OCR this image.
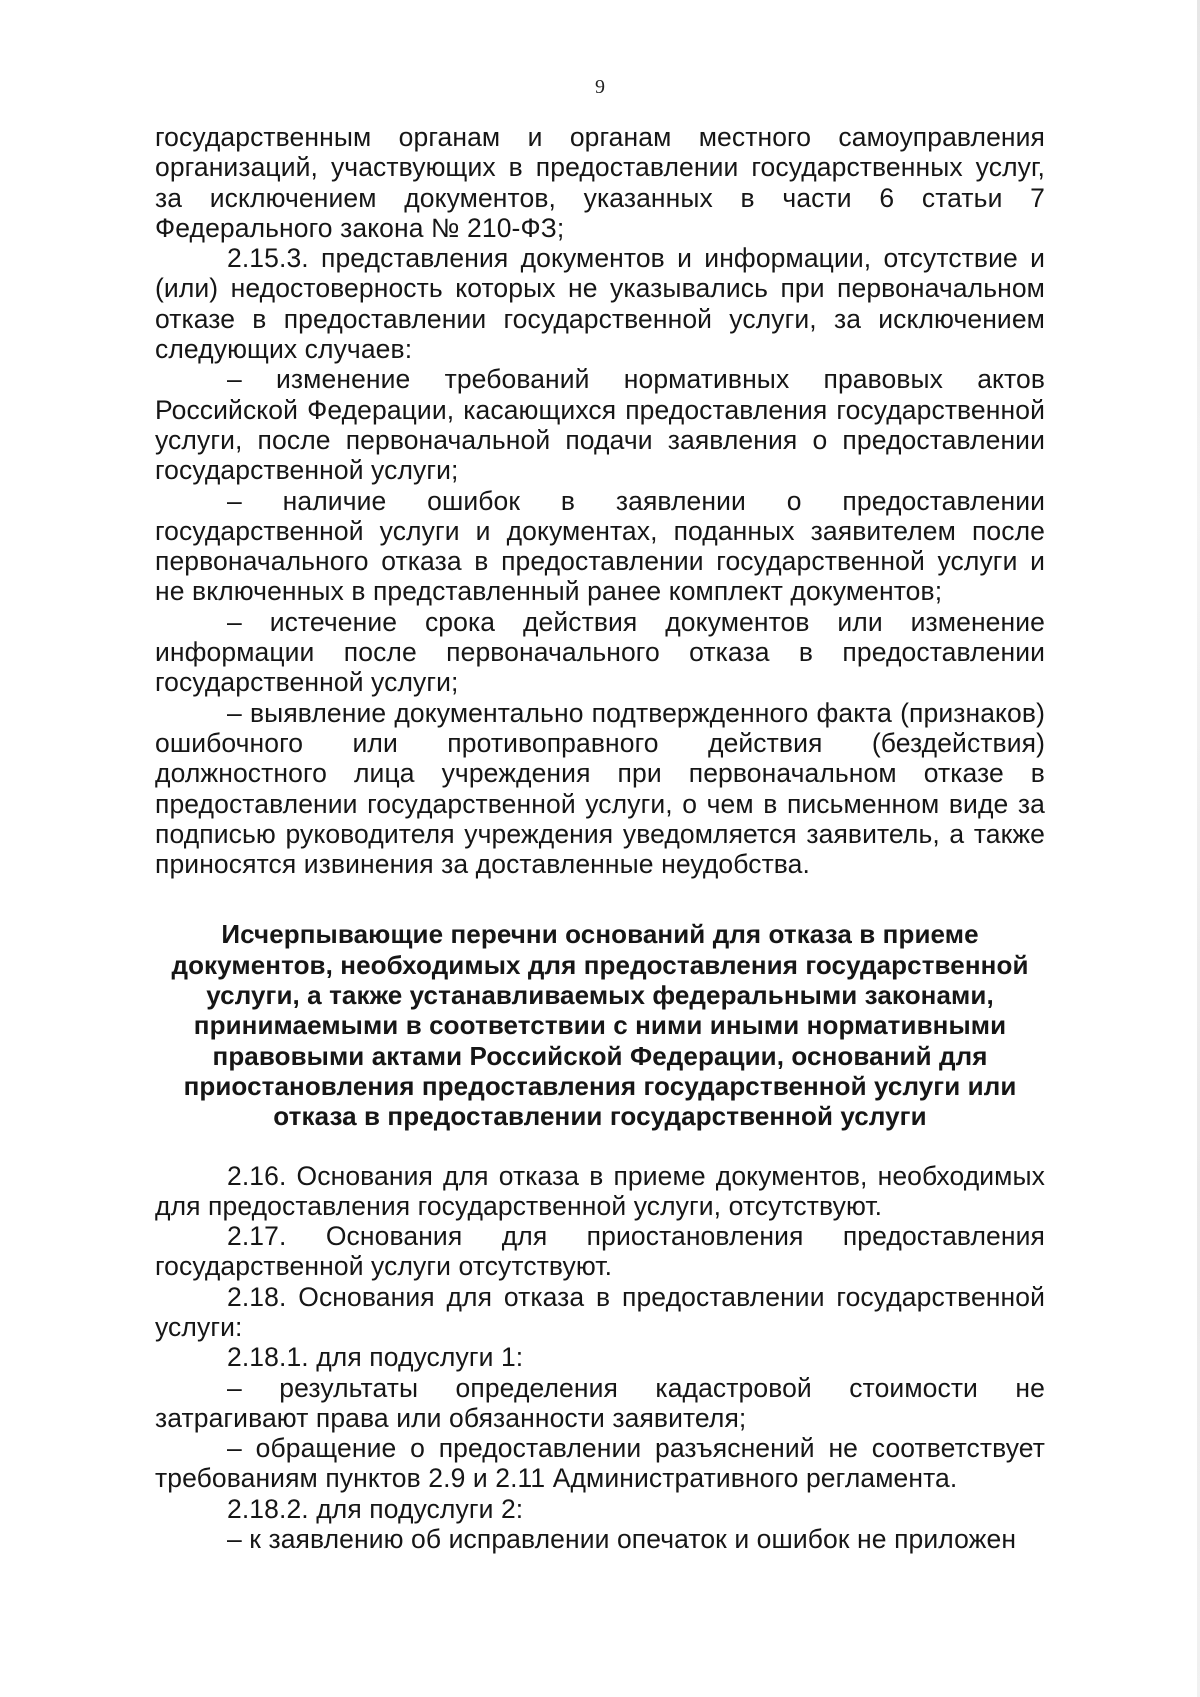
9

государственным органам и органам местного самоуправления организаций, участвующих в предоставлении государственных услуг, за исключением документов, указанных в части 6 статьи 7 Федерального закона № 210-ФЗ;

2.15.3. представления документов и информации, отсутствие и (или) недостоверность которых не указывались при первоначальном отказе в предоставлении государственной услуги, за исключением следующих случаев:

– изменение требований нормативных правовых актов Российской Федерации, касающихся предоставления государственной услуги, после первоначальной подачи заявления о предоставлении государственной услуги;

– наличие ошибок в заявлении о предоставлении государственной услуги и документах, поданных заявителем после первоначального отказа в предоставлении государственной услуги и не включенных в представленный ранее комплект документов;

– истечение срока действия документов или изменение информации после первоначального отказа в предоставлении государственной услуги;

– выявление документально подтвержденного факта (признаков) ошибочного или противоправного действия (бездействия) должностного лица учреждения при первоначальном отказе в предоставлении государственной услуги, о чем в письменном виде за подписью руководителя учреждения уведомляется заявитель, а также приносятся извинения за доставленные неудобства.

Исчерпывающие перечни оснований для отказа в приеме документов, необходимых для предоставления государственной услуги, а также устанавливаемых федеральными законами, принимаемыми в соответствии с ними иными нормативными правовыми актами Российской Федерации, оснований для приостановления предоставления государственной услуги или отказа в предоставлении государственной услуги

2.16. Основания для отказа в приеме документов, необходимых для предоставления государственной услуги, отсутствуют.

2.17. Основания для приостановления предоставления государственной услуги отсутствуют.

2.18. Основания для отказа в предоставлении государственной услуги:

2.18.1. для подуслуги 1:

– результаты определения кадастровой стоимости не затрагивают права или обязанности заявителя;

– обращение о предоставлении разъяснений не соответствует требованиям пунктов 2.9 и 2.11 Административного регламента.

2.18.2. для подуслуги 2:

– к заявлению об исправлении опечаток и ошибок не приложен
